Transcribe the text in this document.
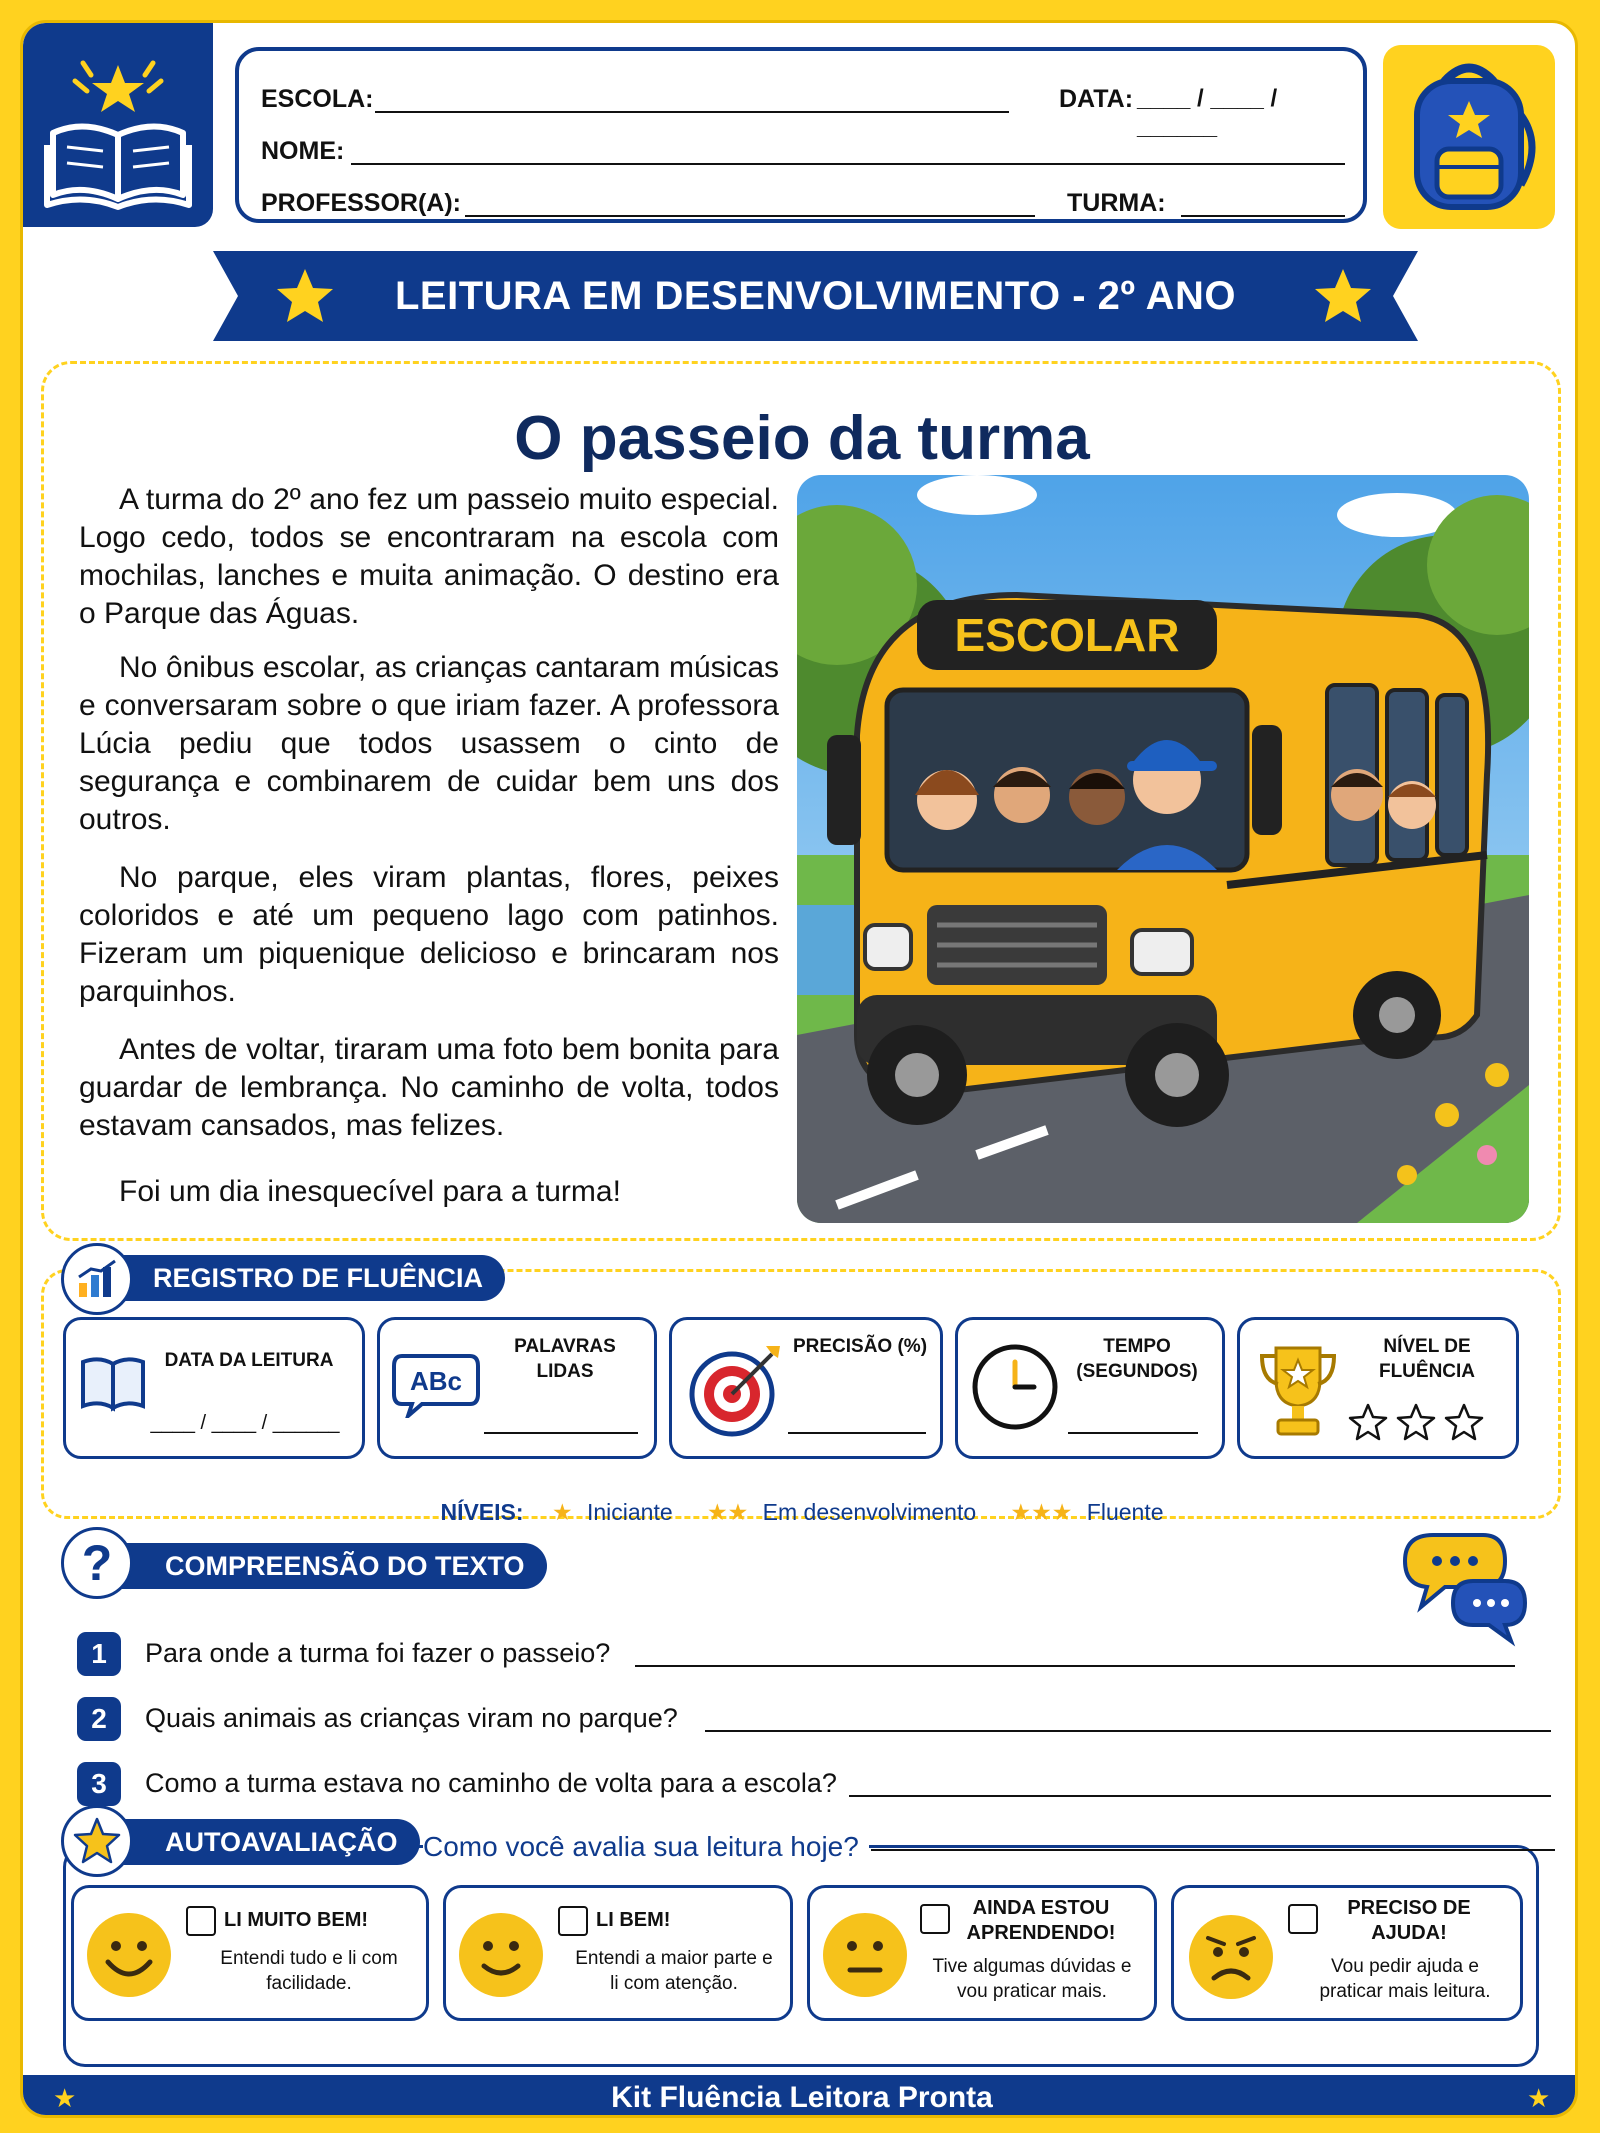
ESCOLA:	DATA: ____ / ____ / ______
NOME:
PROFESSOR(A):	TURMA:
LEITURA EM DESENVOLVIMENTO - 2º ANO
O passeio da turma

A turma do 2º ano fez um passeio muito especial. Logo cedo, todos se encontraram na escola com mochilas, lanches e muita animação. O destino era o Parque das Águas.

No ônibus escolar, as crianças cantaram músicas e conversaram sobre o que iriam fazer. A professora Lúcia pediu que todos usassem o cinto de segurança e combinarem de cuidar bem uns dos outros.

No parque, eles viram plantas, flores, peixes coloridos e até um pequeno lago com patinhos. Fizeram um piquenique delicioso e brincaram nos parquinhos.

Antes de voltar, tiraram uma foto bem bonita para guardar de lembrança. No caminho de volta, todos estavam cansados, mas felizes.

Foi um dia inesquecível para a turma!

ESCOLAR
REGISTRO DE FLUÊNCIA
DATA DA LEITURA
____ / ____ / ______
ABc
PALAVRAS LIDAS
PRECISÃO (%)	TEMPO (SEGUNDOS)
NÍVEL DE FLUÊNCIA
NÍVEIS: ★ Iniciante ★★ Em desenvolvimento ★★★ Fluente
COMPREENSÃO DO TEXTO
?
1	Para onde a turma foi fazer o passeio?
2	Quais animais as crianças viram no parque?
3	Como a turma estava no caminho de volta para a escola?
AUTOAVALIAÇÃO Como você avalia sua leitura hoje?
LI MUITO BEM!
Entendi tudo e li com facilidade.
LI BEM!
Entendi a maior parte e li com atenção.
AINDA ESTOU APRENDENDO!
Tive algumas dúvidas e vou praticar mais.
PRECISO DE AJUDA!
Vou pedir ajuda e praticar mais leitura.
Kit Fluência Leitora Pronta
★	★
